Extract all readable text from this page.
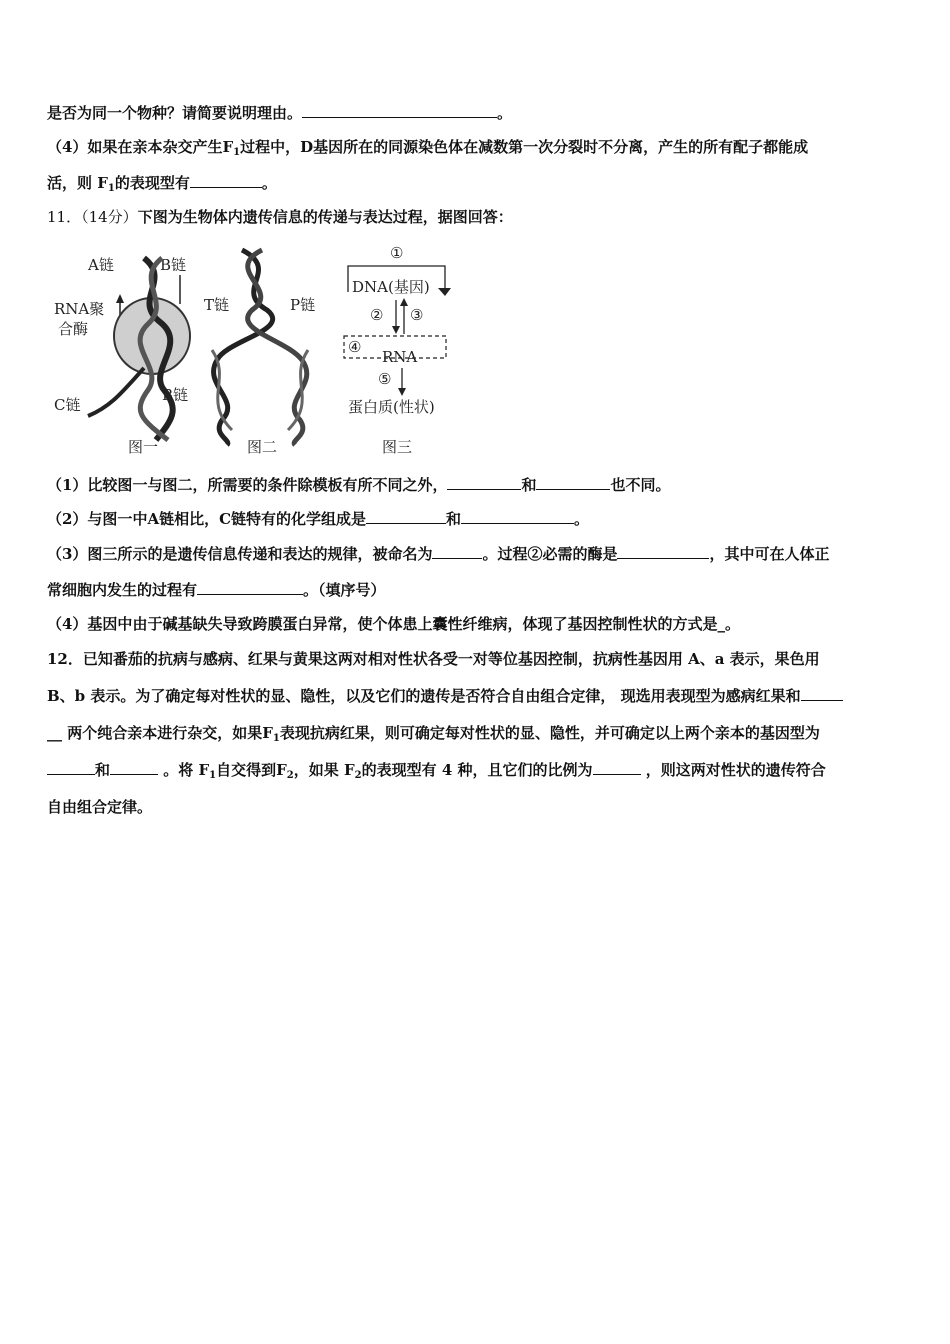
是否为同一个物种？请简要说明理由。	。
（4）如果在亲本杂交产生$F_1$过程中，D基因所在的同源染色体在减数第一次分裂时不分离，产生的所有配子都能成
活，则 $F_1$的表现型有	。
11．（14分）下图为生物体内遗传信息的传递与表达过程，据图回答：
A链	B链
RNA聚
合酶
C链
B链
图一
T链	P链
图二
①
DNA(基因)
② ③
④
RNA
⑤
蛋白质(性状)
图三
（1）比较图一与图二，所需要的条件除模板有所不同之外，	和	也不同。
（2）与图一中A链相比，C链特有的化学组成是	和	。
（3）图三所示的是遗传信息传递和表达的规律，被命名为	。过程②必需的酶是	，其中可在人体正
常细胞内发生的过程有	。（填序号）
（4）基因中由于碱基缺失导致跨膜蛋白异常，使个体患上囊性纤维病，体现了基因控制性状的方式是_。
12．已知番茄的抗病与感病、红果与黄果这两对相对性状各受一对等位基因控制，抗病性基因用 A、a 表示，果色用
B、b 表示。为了确定每对性状的显、隐性，以及它们的遗传是否符合自由组合定律， 现选用表现型为感病红果和
__ 两个纯合亲本进行杂交，如果$F_1$表现抗病红果，则可确定每对性状的显、隐性，并可确定以上两个亲本的基因型为
和	。将 $F_1$自交得到$F_2$，如果 $F_2$的表现型有 4 种，且它们的比例为	，则这两对性状的遗传符合
自由组合定律。
